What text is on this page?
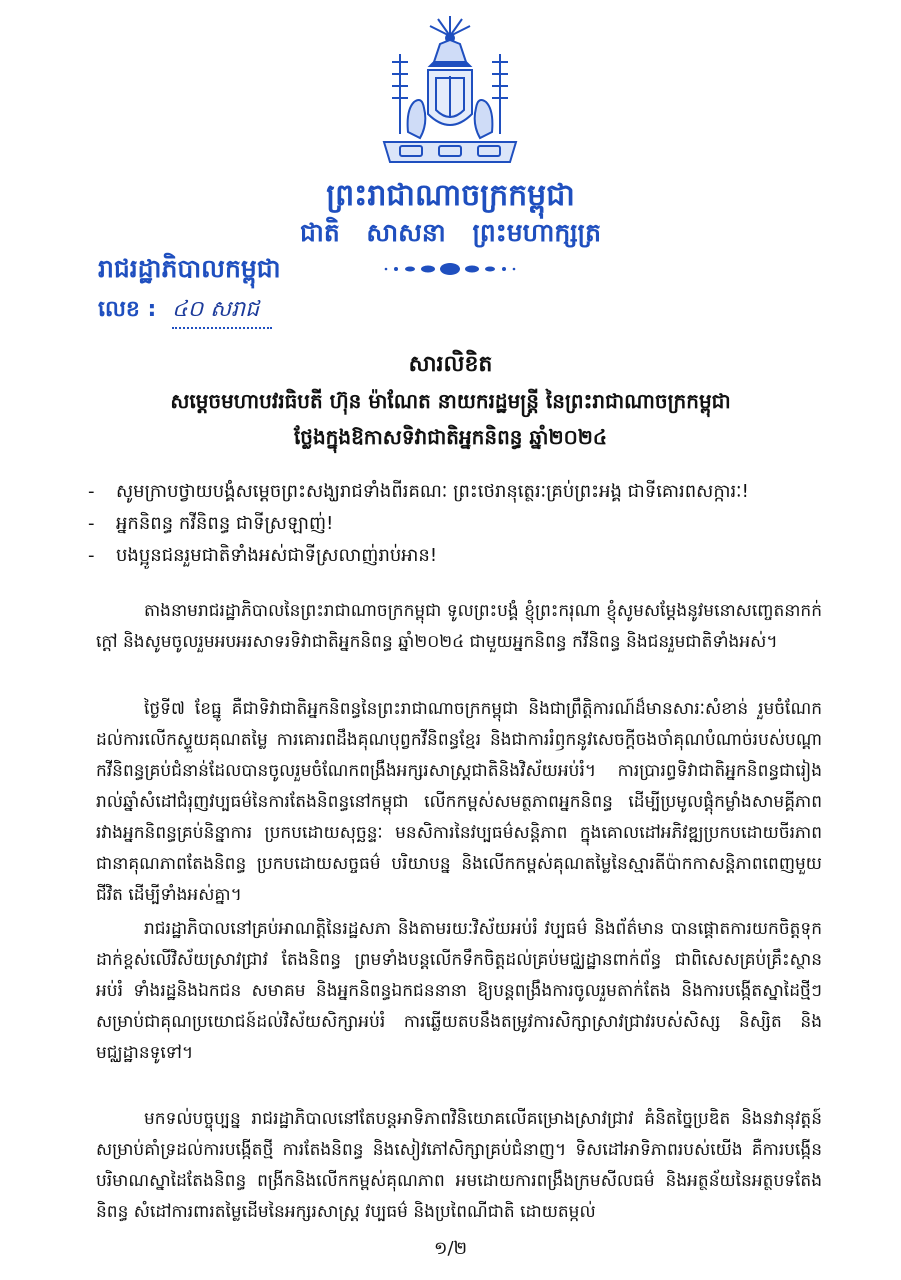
ព្រះរាជាណាចក្រកម្ពុជា
ជាតិ សាសនា ព្រះមហាក្សត្រ
រាជរដ្ឋាភិបាលកម្ពុជា
លេខ : ៤០ សរាជ
សារលិខិត
សម្តេចមហាបវរធិបតី ហ៊ុន ម៉ាណែត នាយករដ្ឋមន្ត្រី នៃព្រះរាជាណាចក្រកម្ពុជា
ថ្លែងក្នុងឱកាសទិវាជាតិអ្នកនិពន្ធ ឆ្នាំ២០២៤
- សូមក្រាបថ្វាយបង្គំសម្តេចព្រះសង្ឃរាជទាំងពីរគណៈ ព្រះថេរានុត្ថេរៈគ្រប់ព្រះអង្គ ជាទីគោរពសក្ការៈ!
- អ្នកនិពន្ធ កវីនិពន្ធ ជាទីស្រឡាញ់!
- បងប្អូនជនរួមជាតិទាំងអស់ជាទីស្រលាញ់រាប់អាន!

តាងនាមរាជរដ្ឋាភិបាលនៃព្រះរាជាណាចក្រកម្ពុជា ទូលព្រះបង្គំ ខ្ញុំព្រះករុណា ខ្ញុំសូមសម្តែងនូវមនោសញ្ចេតនាកក់ក្តៅ និងសូមចូលរួមអបអរសាទរទិវាជាតិអ្នកនិពន្ធ ឆ្នាំ២០២៤ ជាមួយអ្នកនិពន្ធ កវីនិពន្ធ និងជនរួមជាតិទាំងអស់។

ថ្ងៃទី៧ ខែធ្នូ គឺជាទិវាជាតិអ្នកនិពន្ធនៃព្រះរាជាណាចក្រកម្ពុជា និងជាព្រឹត្តិការណ៍ដ៏មានសារៈសំខាន់ រួមចំណែកដល់ការលើកស្ទួយគុណតម្លៃ ការគោរពដឹងគុណបុព្វកវីនិពន្ធខ្មែរ និងជាការរំឭកនូវសេចក្តីចងចាំគុណបំណាច់របស់បណ្តាកវីនិពន្ធគ្រប់ជំនាន់ដែលបានចូលរួមចំណែកពង្រឹងអក្សរសាស្ត្រជាតិនិងវិស័យអប់រំ។ ការប្រារព្ធទិវាជាតិអ្នកនិពន្ធជារៀងរាល់ឆ្នាំសំដៅជំរុញវប្បធម៌នៃការតែងនិពន្ធនៅកម្ពុជា លើកកម្ពស់សមត្ថភាពអ្នកនិពន្ធ ដើម្បីប្រមូលផ្តុំកម្លាំងសាមគ្គីភាពរវាងអ្នកនិពន្ធគ្រប់និន្នាការ ប្រកបដោយសុច្ឆន្ទៈ មនសិការនៃវប្បធម៌សន្តិភាព ក្នុងគោលដៅអភិវឌ្ឍប្រកបដោយចីរភាព ជានាគុណភាពតែងនិពន្ធ ប្រកបដោយសច្ចធម៌ បរិយាបន្ន និងលើកកម្ពស់គុណតម្លៃនៃស្មារតីប៉ាកកាសន្តិភាពពេញមួយជីវិត ដើម្បីទាំងអស់គ្នា។

រាជរដ្ឋាភិបាលនៅគ្រប់អាណត្តិនៃរដ្ឋសភា និងតាមរយៈវិស័យអប់រំ វប្បធម៌ និងព័ត៌មាន បានផ្តោតការយកចិត្តទុកដាក់ខ្ពស់លើវិស័យស្រាវជ្រាវ តែងនិពន្ធ ព្រមទាំងបន្តលើកទឹកចិត្តដល់គ្រប់មជ្ឈដ្ឋានពាក់ព័ន្ធ ជាពិសេសគ្រប់គ្រឹះស្ថានអប់រំ ទាំងរដ្ឋនិងឯកជន សមាគម និងអ្នកនិពន្ធឯកជននានា ឱ្យបន្តពង្រឹងការចូលរួមតាក់តែង និងការបង្កើតស្នាដៃថ្មីៗ សម្រាប់ជាគុណប្រយោជន៍ដល់វិស័យសិក្សាអប់រំ ការឆ្លើយតបនឹងតម្រូវការសិក្សាស្រាវជ្រាវរបស់សិស្ស និស្សិត និងមជ្ឈដ្ឋានទូទៅ។

មកទល់បច្ចុប្បន្ន រាជរដ្ឋាភិបាលនៅតែបន្តអាទិភាពវិនិយោគលើគម្រោងស្រាវជ្រាវ គំនិតច្នៃប្រឌិត និងនវានុវត្តន៍ សម្រាប់គាំទ្រដល់ការបង្កើតថ្មី ការតែងនិពន្ធ និងសៀវភៅសិក្សាគ្រប់ជំនាញ។ ទិសដៅអាទិភាពរបស់យើង គឺការបង្កើនបរិមាណស្នាដៃតែងនិពន្ធ ពង្រីកនិងលើកកម្ពស់គុណភាព អមដោយការពង្រឹងក្រមសីលធម៌ និងអត្ថន័យនៃអត្ថបទតែងនិពន្ធ សំដៅការពារតម្លៃដើមនៃអក្សរសាស្ត្រ វប្បធម៌ និងប្រពៃណីជាតិ ដោយតម្កល់

១/២
